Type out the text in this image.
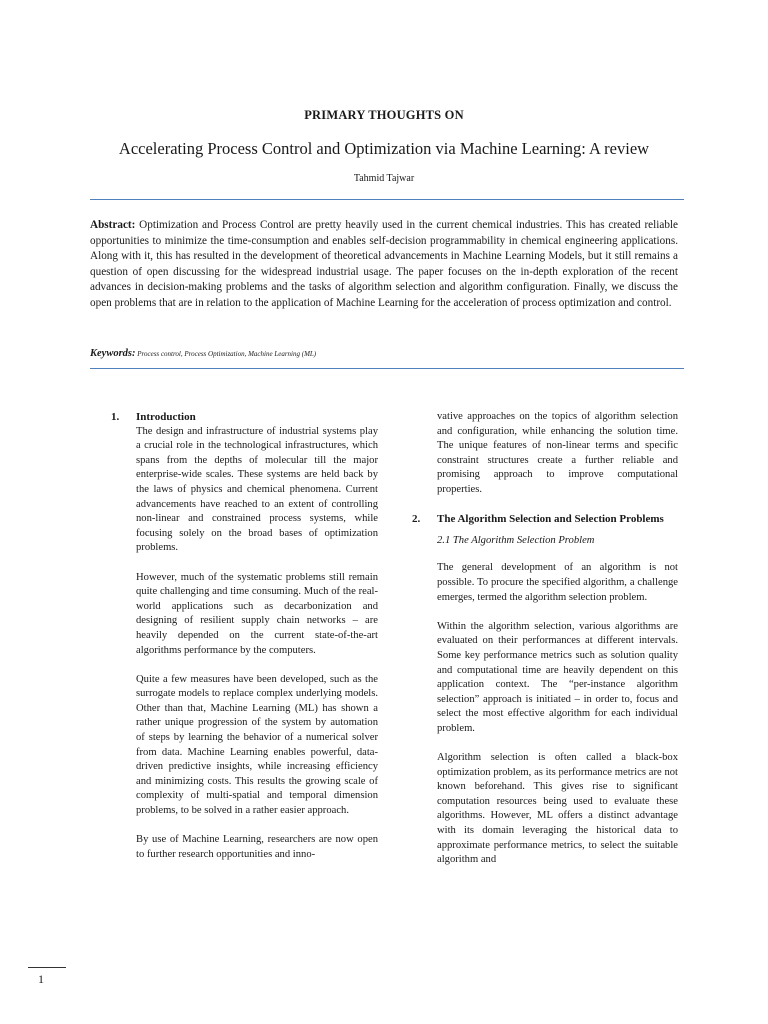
PRIMARY THOUGHTS ON

Accelerating Process Control and Optimization via Machine Learning: A review

Tahmid Tajwar

Abstract: Optimization and Process Control are pretty heavily used in the current chemical industries. This has created reliable opportunities to minimize the time-consumption and enables self-decision programmability in chemical engineering applications. Along with it, this has resulted in the development of theoretical advancements in Machine Learning Models, but it still remains a question of open discussing for the widespread industrial usage. The paper focuses on the in-depth exploration of the recent advances in decision-making problems and the tasks of algorithm selection and algorithm configuration. Finally, we discuss the open problems that are in relation to the application of Machine Learning for the acceleration of process optimization and control.

Keywords: Process control, Process Optimization, Machine Learning (ML)

1. Introduction

The design and infrastructure of industrial systems play a crucial role in the technological infrastructures, which spans from the depths of molecular till the major enterprise-wide scales. These systems are held back by the laws of physics and chemical phenomena. Current advancements have reached to an extent of controlling non-linear and constrained process systems, while focusing solely on the broad bases of optimization problems.

However, much of the systematic problems still remain quite challenging and time consuming. Much of the real-world applications such as decarbonization and designing of resilient supply chain networks – are heavily depended on the current state-of-the-art algorithms performance by the computers.

Quite a few measures have been developed, such as the surrogate models to replace complex underlying models. Other than that, Machine Learning (ML) has shown a rather unique progression of the system by automation of steps by learning the behavior of a numerical solver from data. Machine Learning enables powerful, data-driven predictive insights, while increasing efficiency and minimizing costs. This results the growing scale of complexity of multi-spatial and temporal dimension problems, to be solved in a rather easier approach.

By use of Machine Learning, researchers are now open to further research opportunities and inno-

vative approaches on the topics of algorithm selection and configuration, while enhancing the solution time. The unique features of non-linear terms and specific constraint structures create a further reliable and promising approach to improve computational properties.

2. The Algorithm Selection and Selection Problems
2.1 The Algorithm Selection Problem

The general development of an algorithm is not possible. To procure the specified algorithm, a challenge emerges, termed the algorithm selection problem.

Within the algorithm selection, various algorithms are evaluated on their performances at different intervals. Some key performance metrics such as solution quality and computational time are heavily dependent on this application context. The “per-instance algorithm selection” approach is initiated – in order to, focus and select the most effective algorithm for each individual problem.

Algorithm selection is often called a black-box optimization problem, as its performance metrics are not known beforehand. This gives rise to significant computation resources being used to evaluate these algorithms. However, ML offers a distinct advantage with its domain leveraging the historical data to approximate performance metrics, to select the suitable algorithm and

1
